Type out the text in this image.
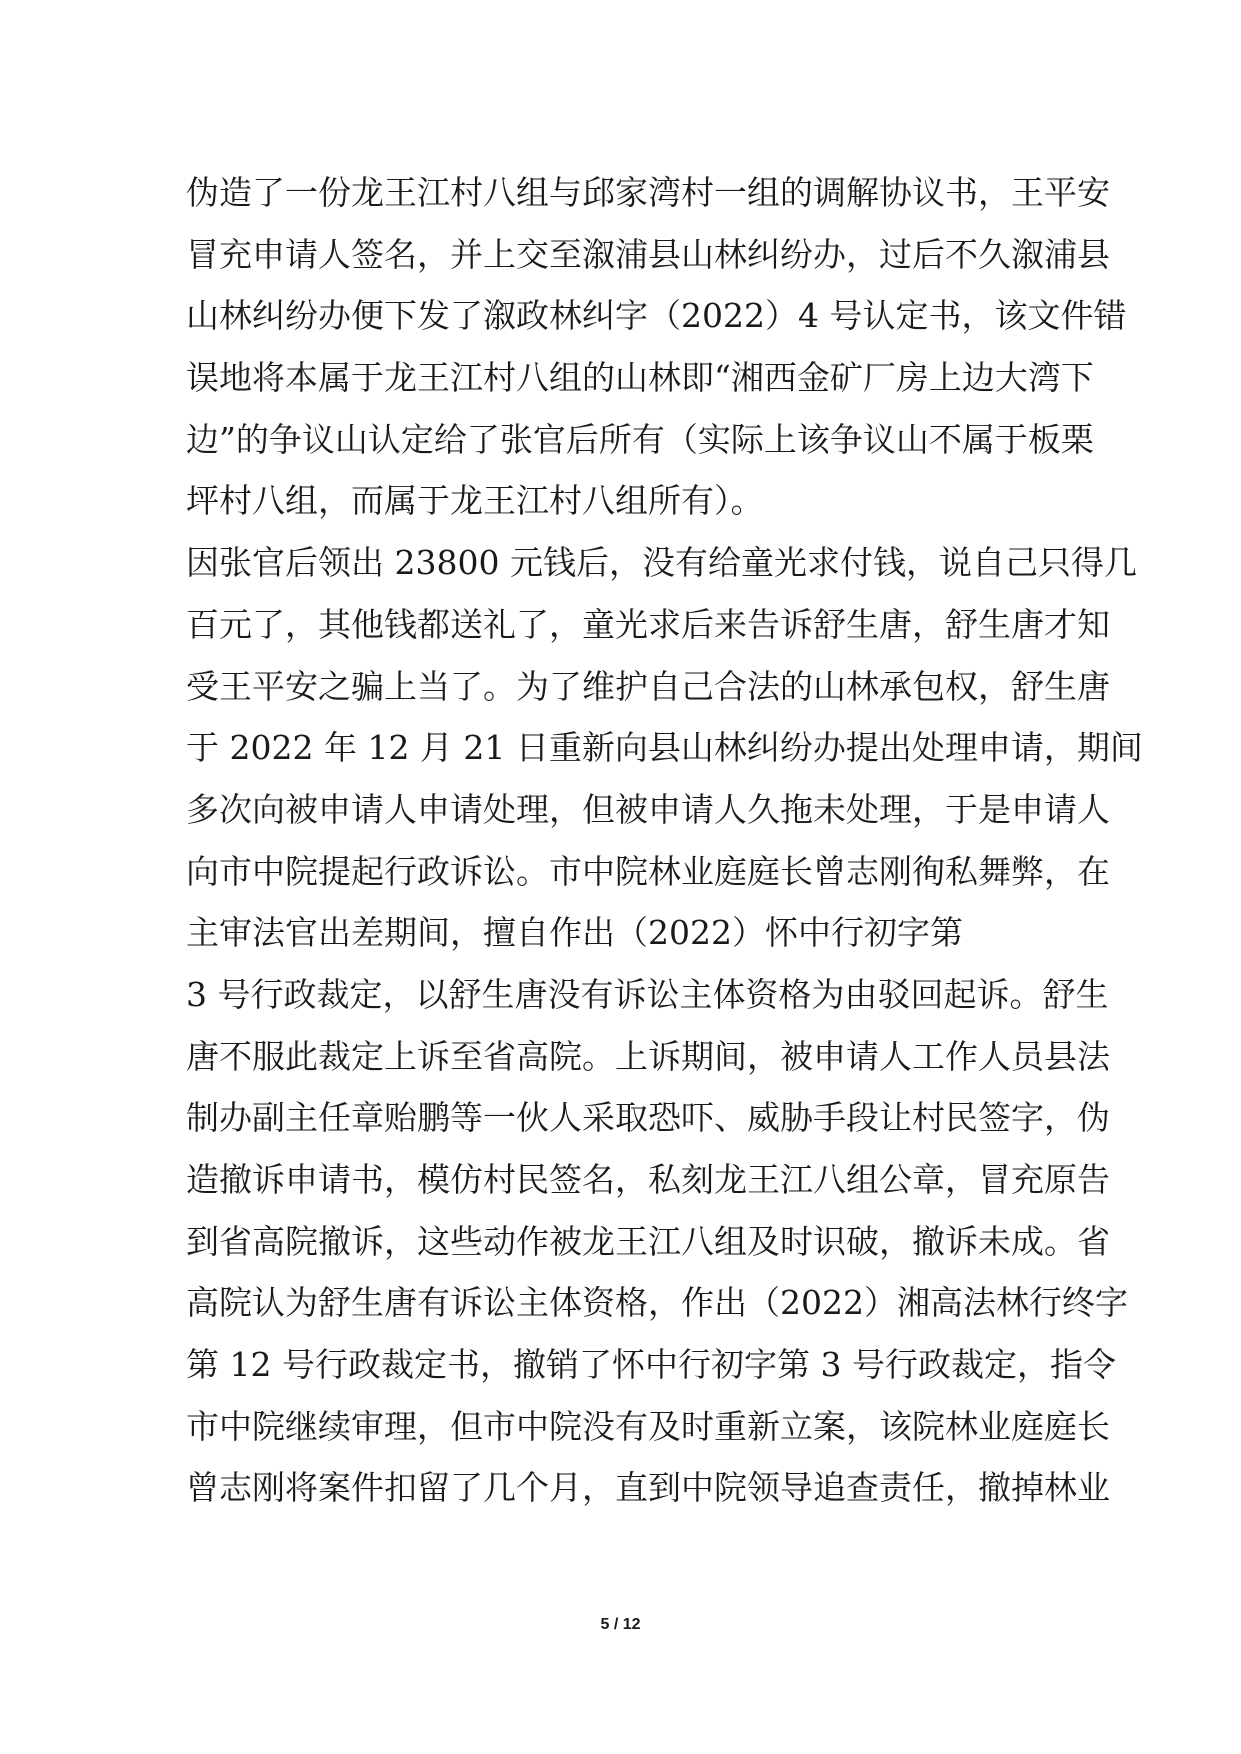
伪造了一份龙王江村八组与邱家湾村一组的调解协议书，王平安
冒充申请人签名，并上交至溆浦县山林纠纷办，过后不久溆浦县
山林纠纷办便下发了溆政林纠字（2022）4 号认定书，该文件错
误地将本属于龙王江村八组的山林即“湘西金矿厂房上边大湾下
边”的争议山认定给了张官后所有（实际上该争议山不属于板栗
坪村八组，而属于龙王江村八组所有）。
因张官后领出 23800 元钱后，没有给童光求付钱，说自己只得几
百元了，其他钱都送礼了，童光求后来告诉舒生唐，舒生唐才知
受王平安之骗上当了。为了维护自己合法的山林承包权，舒生唐
于 2022 年 12 月 21 日重新向县山林纠纷办提出处理申请，期间
多次向被申请人申请处理，但被申请人久拖未处理，于是申请人
向市中院提起行政诉讼。市中院林业庭庭长曾志刚徇私舞弊，在
主审法官出差期间，擅自作出（2022）怀中行初字第
3 号行政裁定，以舒生唐没有诉讼主体资格为由驳回起诉。舒生
唐不服此裁定上诉至省高院。上诉期间，被申请人工作人员县法
制办副主任章贻鹏等一伙人采取恐吓、威胁手段让村民签字，伪
造撤诉申请书，模仿村民签名，私刻龙王江八组公章，冒充原告
到省高院撤诉，这些动作被龙王江八组及时识破，撤诉未成。省
高院认为舒生唐有诉讼主体资格，作出（2022）湘高法林行终字
第 12 号行政裁定书，撤销了怀中行初字第 3 号行政裁定，指令
市中院继续审理，但市中院没有及时重新立案，该院林业庭庭长
曾志刚将案件扣留了几个月，直到中院领导追查责任，撤掉林业
5 / 12
